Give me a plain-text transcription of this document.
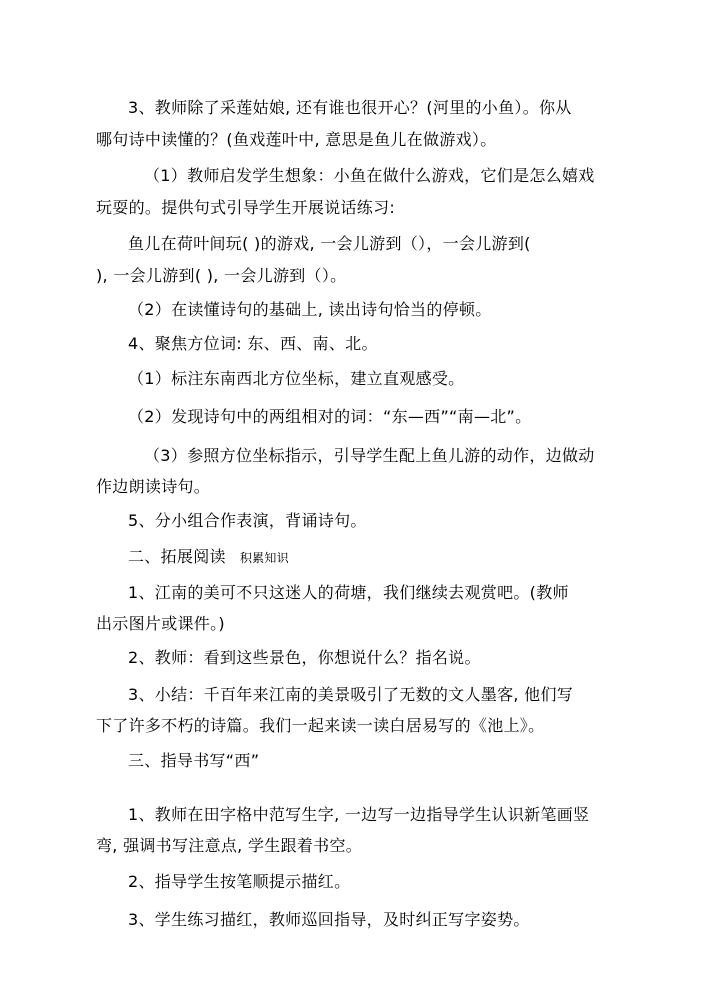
3、教师除了采莲姑娘, 还有谁也很开心？(河里的小鱼）。你从
哪句诗中读懂的？(鱼戏莲叶中, 意思是鱼儿在做游戏）。
（1）教师启发学生想象：小鱼在做什么游戏，它们是怎么嬉戏
玩耍的。提供句式引导学生开展说话练习:
鱼儿在荷叶间玩( )的游戏, 一会儿游到（），一会儿游到(
), 一会儿游到( ), 一会儿游到（）。
（2）在读懂诗句的基础上, 读出诗句恰当的停顿。
4、聚焦方位词: 东、西、南、北。
（1）标注东南西北方位坐标，建立直观感受。
（2）发现诗句中的两组相对的词：“东—西”“南—北”。
（3）参照方位坐标指示，引导学生配上鱼儿游的动作，边做动
作边朗读诗句。
5、分小组合作表演，背诵诗句。
二、拓展阅读 积累知识
1、江南的美可不只这迷人的荷塘，我们继续去观赏吧。(教师
出示图片或课件。)
2、教师：看到这些景色，你想说什么？指名说。
3、小结：千百年来江南的美景吸引了无数的文人墨客, 他们写
下了许多不朽的诗篇。我们一起来读一读白居易写的《池上》。
三、指导书写“西”
1、教师在田字格中范写生字, 一边写一边指导学生认识新笔画竖
弯, 强调书写注意点, 学生跟着书空。
2、指导学生按笔顺提示描红。
3、学生练习描红，教师巡回指导，及时纠正写字姿势。
